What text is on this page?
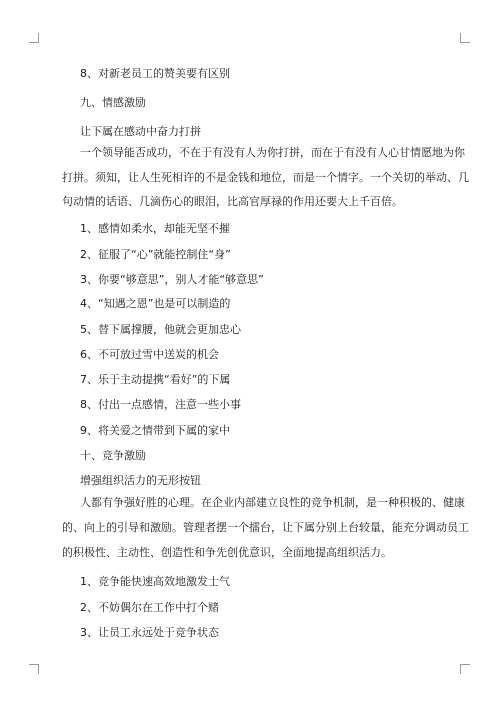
8、对新老员工的赞美要有区别
九、情感激励
让下属在感动中奋力打拼
一个领导能否成功，不在于有没有人为你打拼，而在于有没有人心甘情愿地为你
打拼。须知，让人生死相许的不是金钱和地位，而是一个情字。一个关切的举动、几
句动情的话语、几滴伤心的眼泪，比高官厚禄的作用还要大上千百倍。
1、感情如柔水，却能无坚不摧
2、征服了“心”就能控制住“身”
3、你要“够意思”，别人才能“够意思”
4、“知遇之恩”也是可以制造的
5、替下属撑腰，他就会更加忠心
6、不可放过雪中送炭的机会
7、乐于主动提携“看好”的下属
8、付出一点感情，注意一些小事
9、将关爱之情带到下属的家中
十、竞争激励
增强组织活力的无形按钮
人都有争强好胜的心理。在企业内部建立良性的竞争机制，是一种积极的、健康
的、向上的引导和激励。管理者摆一个擂台，让下属分别上台较量，能充分调动员工
的积极性、主动性、创造性和争先创优意识，全面地提高组织活力。
1、竞争能快速高效地激发士气
2、不妨偶尔在工作中打个赌
3、让员工永远处于竞争状态
